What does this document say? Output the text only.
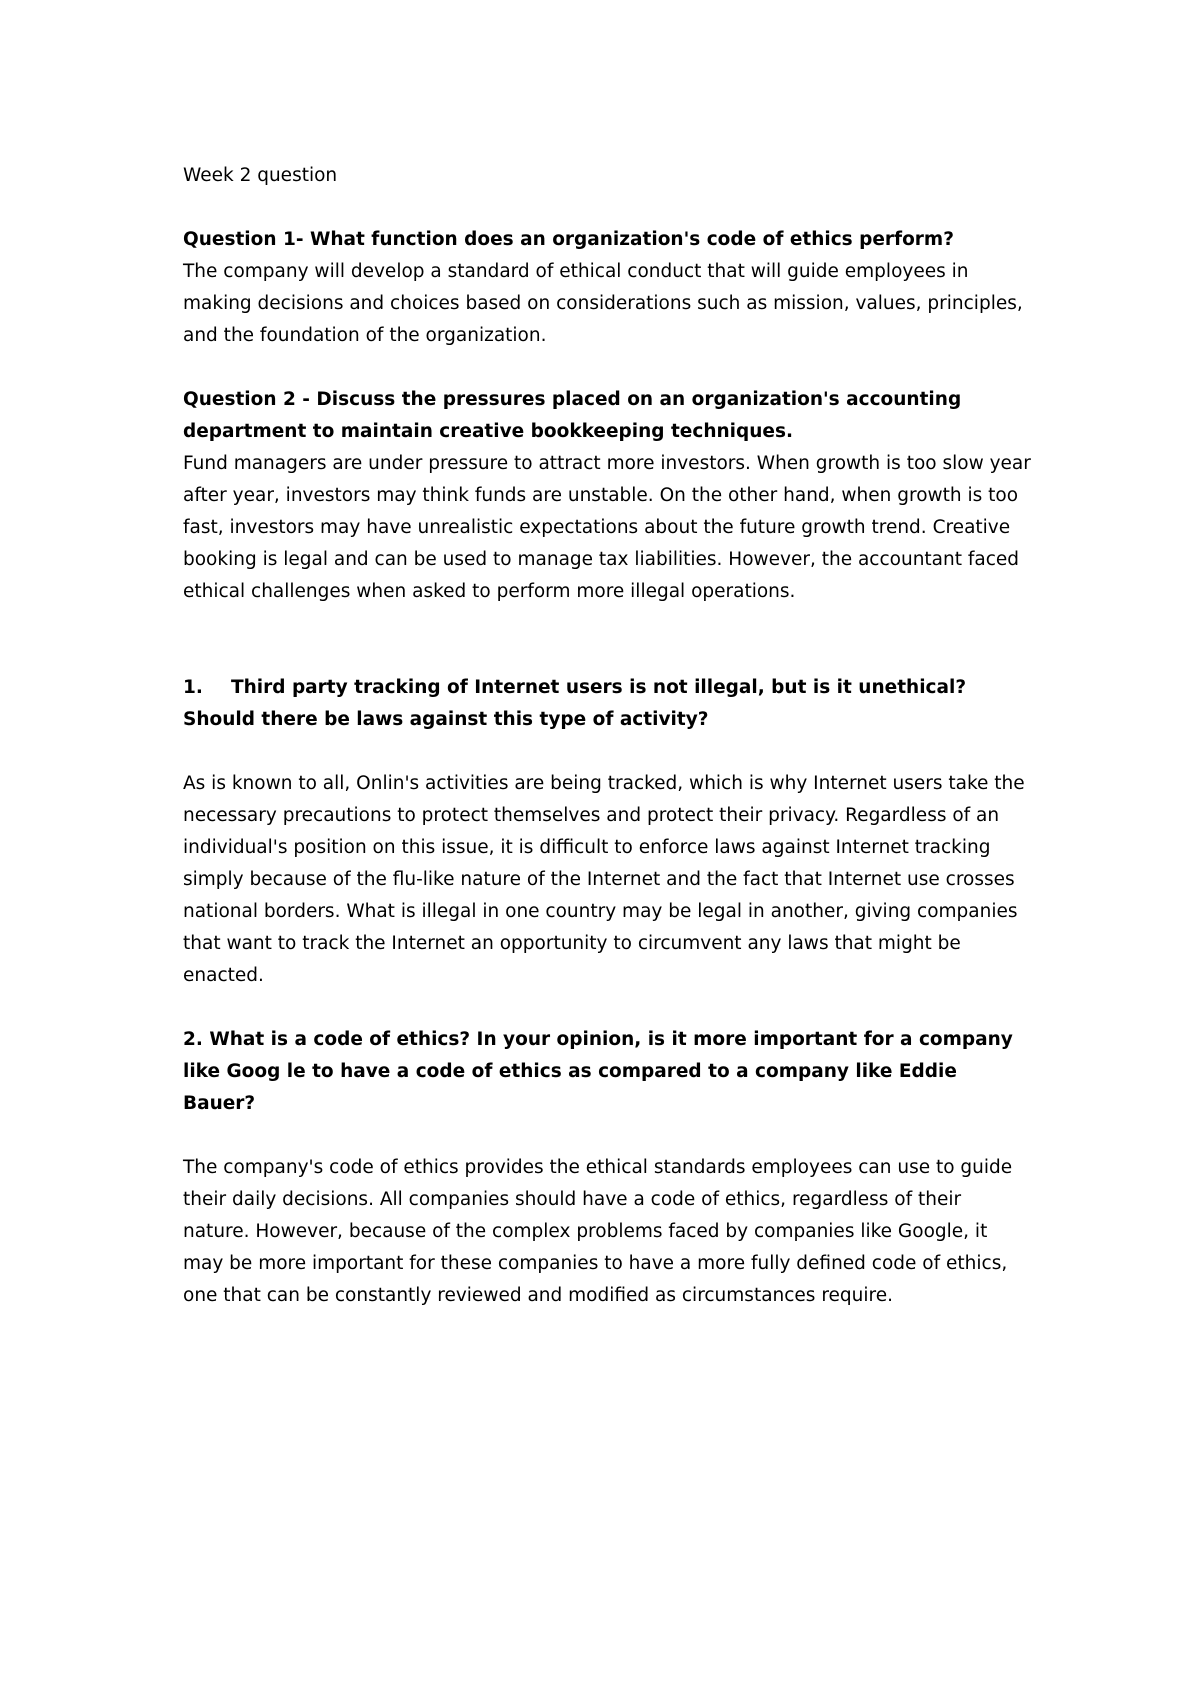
Week 2 question

Question 1- What function does an organization's code of ethics perform?

The company will develop a standard of ethical conduct that will guide employees in making decisions and choices based on considerations such as mission, values, principles, and the foundation of the organization.

Question 2 - Discuss the pressures placed on an organization's accounting department to maintain creative bookkeeping techniques.

Fund managers are under pressure to attract more investors. When growth is too slow year after year, investors may think funds are unstable. On the other hand, when growth is too fast, investors may have unrealistic expectations about the future growth trend. Creative booking is legal and can be used to manage tax liabilities. However, the accountant faced ethical challenges when asked to perform more illegal operations.

1. Third party tracking of Internet users is not illegal, but is it unethical? Should there be laws against this type of activity?

As is known to all, Onlin's activities are being tracked, which is why Internet users take the necessary precautions to protect themselves and protect their privacy. Regardless of an individual's position on this issue, it is difficult to enforce laws against Internet tracking simply because of the flu-like nature of the Internet and the fact that Internet use crosses national borders. What is illegal in one country may be legal in another, giving companies that want to track the Internet an opportunity to circumvent any laws that might be enacted.

2. What is a code of ethics? In your opinion, is it more important for a company like Goog le to have a code of ethics as compared to a company like Eddie Bauer?

The company's code of ethics provides the ethical standards employees can use to guide their daily decisions. All companies should have a code of ethics, regardless of their nature. However, because of the complex problems faced by companies like Google, it may be more important for these companies to have a more fully defined code of ethics, one that can be constantly reviewed and modified as circumstances require.
